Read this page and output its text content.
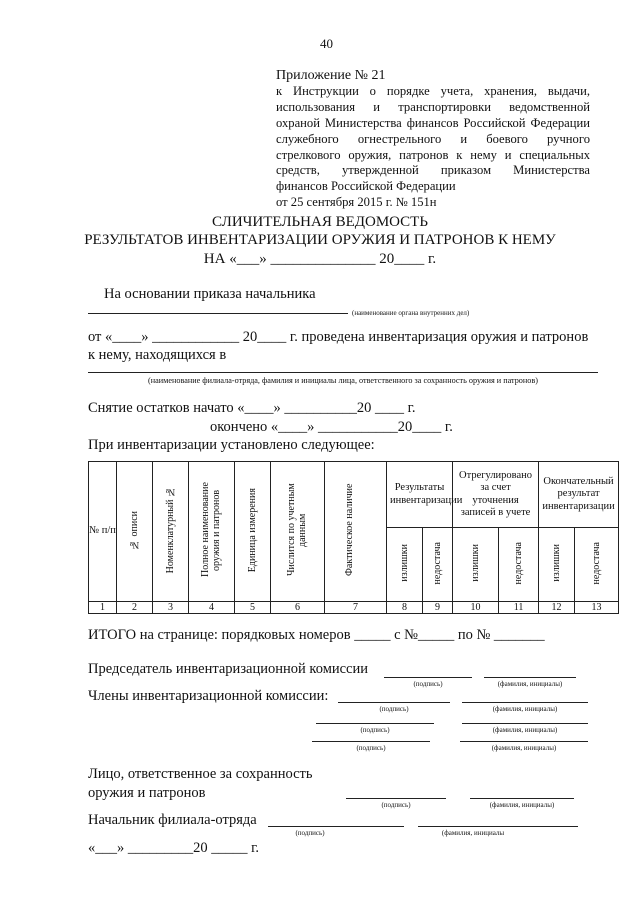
40
Приложение № 21
к Инструкции о порядке учета, хранения, выдачи,
использования и транспортировки ведомственной
охраной Министерства финансов Российской Федерации
служебного огнестрельного и боевого ручного
стрелкового оружия, патронов к нему и специальных
средств, утвержденной приказом Министерства
финансов Российской Федерации
от 25 сентября 2015 г. № 151н
СЛИЧИТЕЛЬНАЯ ВЕДОМОСТЬ
РЕЗУЛЬТАТОВ ИНВЕНТАРИЗАЦИИ ОРУЖИЯ И ПАТРОНОВ К НЕМУ
НА «___» ______________ 20____ г.
На основании приказа начальника
(наименование органа внутренних дел)
от «____» ____________ 20____ г. проведена инвентаризация оружия и патронов
к нему, находящихся в
(наименование филиала-отряда, фамилия и инициалы лица, ответственного за сохранность оружия и патронов)
Снятие остатков начато «____» __________20 ____ г.
окончено «____» ___________20____ г.
При инвентаризации установлено следующее:
№ п/п	№ описи	Номенклатурный №	Полное наименование оружия и патронов	Единица измерения	Числится по учетным данным	Фактическое наличие	Результаты инвентаризации		Отрегулировано за счет уточнения записей в учете		Окончательный результат инвентаризации	

							излишки	недостача	излишки	недостача	излишки	недостача
1	2	3	4	5	6	7	8	9	10	11	12	13
ИТОГО на странице: порядковых номеров _____ с №_____ по № _______
Председатель инвентаризационной комиссии
(подпись)	(фамилия, инициалы)
Члены инвентаризационной комиссии:
(подпись)	(фамилия, инициалы)
(подпись)	(фамилия, инициалы)
(подпись)	(фамилия, инициалы)
Лицо, ответственное за сохранность
оружия и патронов
(подпись)	(фамилия, инициалы)
Начальник филиала-отряда
(подпись)	(фамилия, инициалы
«___» _________20 _____ г.
